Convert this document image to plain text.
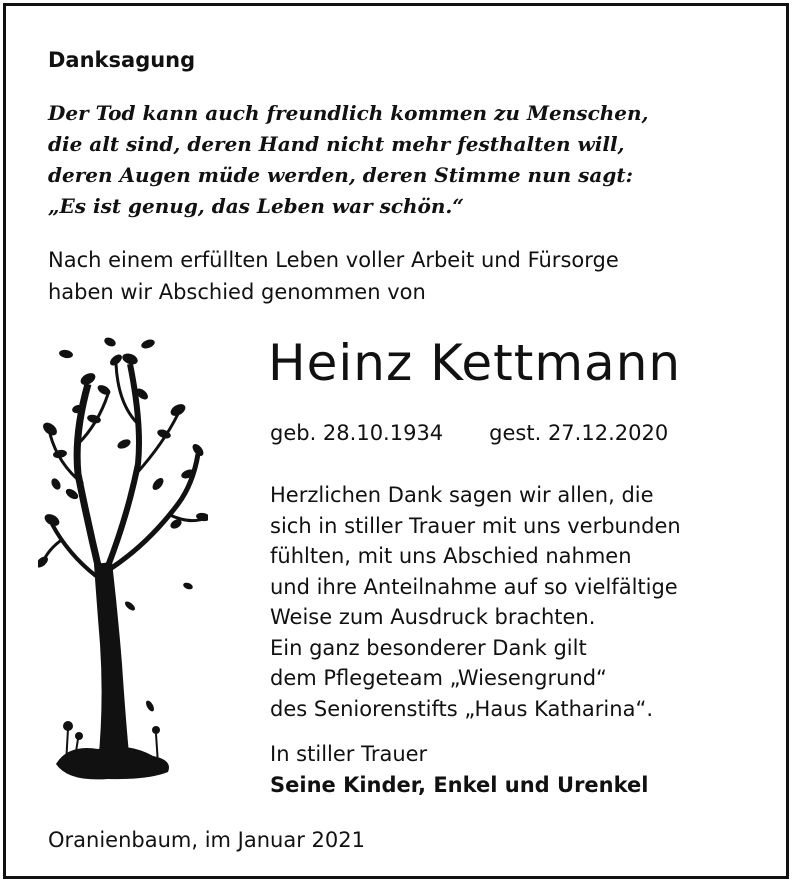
Danksagung
Der Tod kann auch freundlich kommen zu Menschen,
die alt sind, deren Hand nicht mehr festhalten will,
deren Augen müde werden, deren Stimme nun sagt:
„Es ist genug, das Leben war schön.“
Nach einem erfüllten Leben voller Arbeit und Fürsorge
haben wir Abschied genommen von
Heinz Kettmann
geb. 28.10.1934 gest. 27.12.2020
Herzlichen Dank sagen wir allen, die
sich in stiller Trauer mit uns verbunden
fühlten, mit uns Abschied nahmen
und ihre Anteilnahme auf so vielfältige
Weise zum Ausdruck brachten.
Ein ganz besonderer Dank gilt
dem Pflegeteam „Wiesengrund“
des Seniorenstifts „Haus Katharina“.
In stiller Trauer
Seine Kinder, Enkel und Urenkel
Oranienbaum, im Januar 2021
